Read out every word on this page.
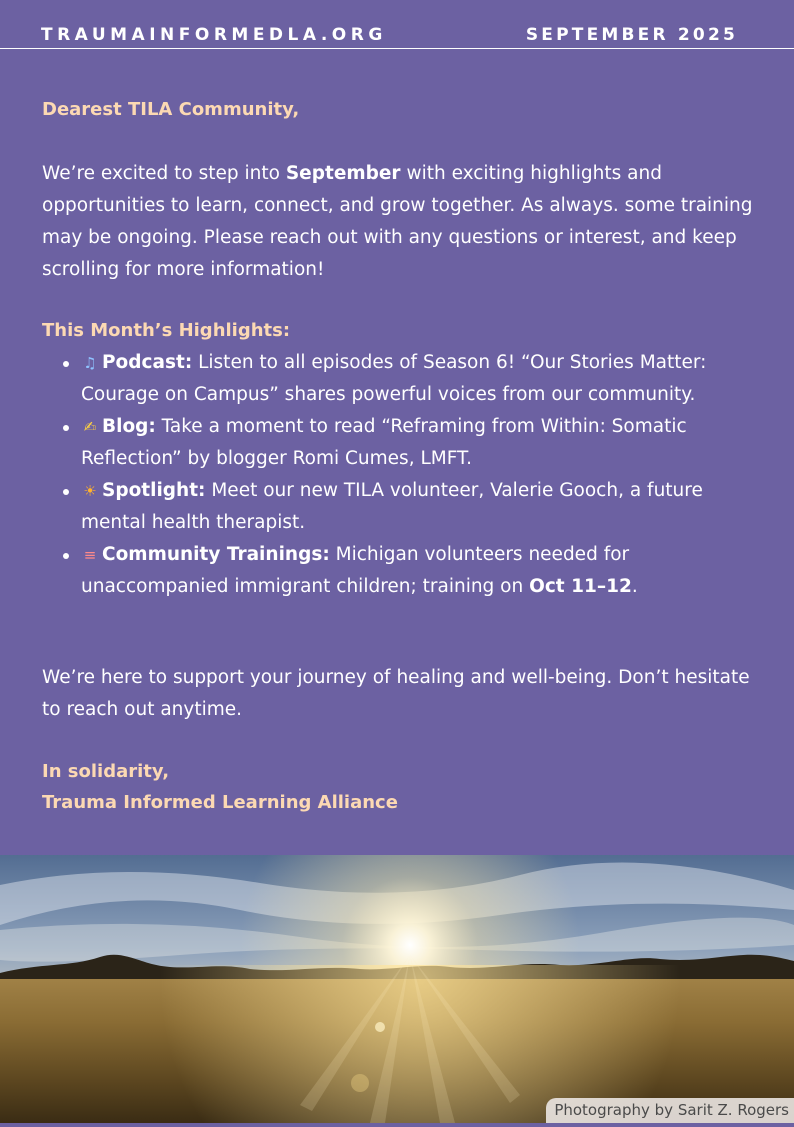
TRAUMAINFORMEDLA.ORG	SEPTEMBER 2025
Dearest TILA Community,

We’re excited to step into September with exciting highlights and opportunities to learn, connect, and grow together. As always. some training may be ongoing. Please reach out with any questions or interest, and keep scrolling for more information!

This Month’s Highlights:
♫ Podcast: Listen to all episodes of Season 6! “Our Stories Matter: Courage on Campus” shares powerful voices from our community.
✍ Blog: Take a moment to read “Reframing from Within: Somatic Reflection” by blogger Romi Cumes, LMFT.
☀ Spotlight: Meet our new TILA volunteer, Valerie Gooch, a future mental health therapist.
≡ Community Trainings: Michigan volunteers needed for unaccompanied immigrant children; training on Oct 11–12.

We’re here to support your journey of healing and well-being. Don’t hesitate to reach out anytime.

In solidarity,
Trauma Informed Learning Alliance
Photography by Sarit Z. Rogers
